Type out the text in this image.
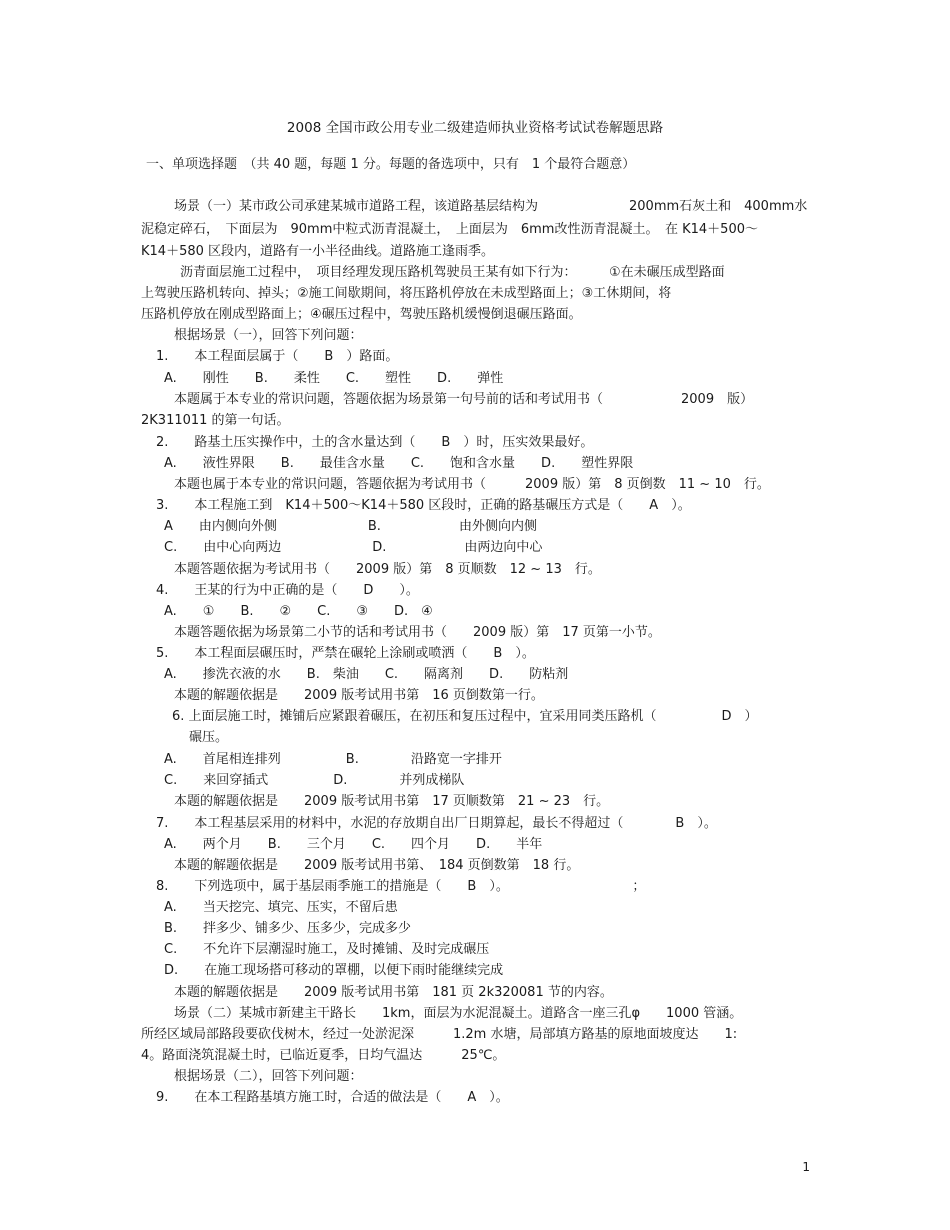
2008 全国市政公用专业二级建造师执业资格考试试卷解题思路
一、单项选择题　（共 40 题，每题 1 分。每题的备选项中，只有　1 个最符合题意）
场景（一）某市政公司承建某城市道路工程，该道路基层结构为　　　　　　　200mm石灰土和　400mm水
泥稳定碎石，　下面层为　90mm中粒式沥青混凝土，　上面层为　6mm改性沥青混凝土。　在 K14＋500～
K14＋580 区段内，道路有一小半径曲线。道路施工逢雨季。
沥青面层施工过程中，　项目经理发现压路机驾驶员王某有如下行为：　　　①在未碾压成型路面
上驾驶压路机转向、掉头；②施工间歇期间，将压路机停放在未成型路面上；③工休期间，将
压路机停放在刚成型路面上；④碾压过程中，驾驶压路机缓慢倒退碾压路面。
根据场景（一），回答下列问题：
1.　　本工程面层属于（　　B　）路面。
A.　　刚性　　B.　　柔性　　C.　　塑性　　D.　　弹性
本题属于本专业的常识问题，答题依据为场景第一句号前的话和考试用书（　　　　　　2009　版）
2K311011 的第一句话。
2.　　路基土压实操作中，土的含水量达到（　　B　）时，压实效果最好。
A.　　液性界限　　B.　　最佳含水量　　C.　　饱和含水量　　D.　　塑性界限
本题也属于本专业的常识问题，答题依据为考试用书（　　　2009 版）第　8 页倒数　11 ~ 10　行。
3.　　本工程施工到　K14＋500～K14＋580 区段时，正确的路基碾压方式是（　　A　）。
A　　由内侧向外侧　　　　　　　B.　　　　　　由外侧向内侧
C.　　由中心向两边　　　　　　　D.　　　　　　由两边向中心
本题答题依据为考试用书（　　2009 版）第　8 页顺数　12 ~ 13　行。
4.　　王某的行为中正确的是（　　D　　）。
A.　　①　　B.　　②　　C.　　③　　D.　④
本题答题依据为场景第二小节的话和考试用书（　　2009 版）第　17 页第一小节。
5.　　本工程面层碾压时，严禁在碾轮上涂刷或喷洒（　　B　）。
A.　　掺洗衣液的水　　B.　柴油　　C.　　隔离剂　　D.　　防粘剂
本题的解题依据是　　2009 版考试用书第　16 页倒数第一行。
6. 上面层施工时，摊铺后应紧跟着碾压，在初压和复压过程中，宜采用同类压路机（　　　　　D　）
碾压。
A.　　首尾相连排列　　　　　B.　　　　沿路宽一字排开
C.　　来回穿插式　　　　　D.　　　　并列成梯队
本题的解题依据是　　2009 版考试用书第　17 页顺数第　21 ~ 23　行。
7.　　本工程基层采用的材料中，水泥的存放期自出厂日期算起，最长不得超过（　　　　B　）。
A.　　两个月　　B.　　三个月　　C.　　四个月　　D.　　半年
本题的解题依据是　　2009 版考试用书第、　184 页倒数第　18 行。
8.　　下列选项中，属于基层雨季施工的措施是（　　B　）。　　　　　　　　　　；
A.　　当天挖完、填完、压实，不留后患
B.　　拌多少、铺多少、压多少，完成多少
C.　　不允许下层潮湿时施工，及时摊铺、及时完成碾压
D.　　在施工现场搭可移动的罩棚，以便下雨时能继续完成
本题的解题依据是　　2009 版考试用书第　181 页 2k320081 节的内容。
场景（二）某城市新建主干路长　　1km，面层为水泥混凝土。道路含一座三孔φ　　1000 管涵。
所经区域局部路段要砍伐树木，经过一处淤泥深　　　1.2m 水塘，局部填方路基的原地面坡度达　　1:
4。路面浇筑混凝土时，已临近夏季，日均气温达　　　25℃。
根据场景（二），回答下列问题：
9.　　在本工程路基填方施工时，合适的做法是（　　A　）。
1
